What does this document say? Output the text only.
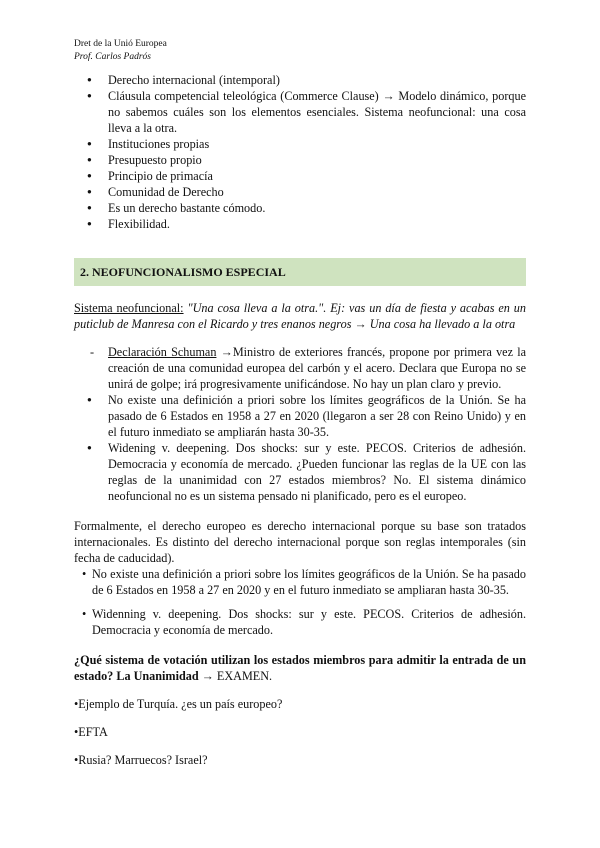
Dret de la Unió Europea
Prof. Carlos Padrós
● Derecho internacional (intemporal)
● Cláusula competencial teleológica (Commerce Clause) → Modelo dinámico, porque no sabemos cuáles son los elementos esenciales. Sistema neofuncional: una cosa lleva a la otra.
● Instituciones propias
● Presupuesto propio
● Principio de primacía
● Comunidad de Derecho
● Es un derecho bastante cómodo.
● Flexibilidad.
2. NEOFUNCIONALISMO ESPECIAL

Sistema neofuncional: "Una cosa lleva a la otra.". Ej: vas un día de fiesta y acabas en un puticlub de Manresa con el Ricardo y tres enanos negros → Una cosa ha llevado a la otra

- Declaración Schuman →Ministro de exteriores francés, propone por primera vez la creación de una comunidad europea del carbón y el acero. Declara que Europa no se unirá de golpe; irá progresivamente unificándose. No hay un plan claro y previo.
● No existe una definición a priori sobre los límites geográficos de la Unión. Se ha pasado de 6 Estados en 1958 a 27 en 2020 (llegaron a ser 28 con Reino Unido) y en el futuro inmediato se ampliarán hasta 30-35.
● Widening v. deepening. Dos shocks: sur y este. PECOS. Criterios de adhesión. Democracia y economía de mercado. ¿Pueden funcionar las reglas de la UE con las reglas de la unanimidad con 27 estados miembros? No. El sistema dinámico neofuncional no es un sistema pensado ni planificado, pero es el europeo.

Formalmente, el derecho europeo es derecho internacional porque su base son tratados internacionales. Es distinto del derecho internacional porque son reglas intemporales (sin fecha de caducidad).

• No existe una definición a priori sobre los límites geográficos de la Unión. Se ha pasado de 6 Estados en 1958 a 27 en 2020 y en el futuro inmediato se ampliaran hasta 30-35.
• Widenning v. deepening. Dos shocks: sur y este. PECOS. Criterios de adhesión. Democracia y economía de mercado.

¿Qué sistema de votación utilizan los estados miembros para admitir la entrada de un estado? La Unanimidad → EXAMEN.

•Ejemplo de Turquía. ¿es un país europeo?

•EFTA

•Rusia? Marruecos? Israel?
